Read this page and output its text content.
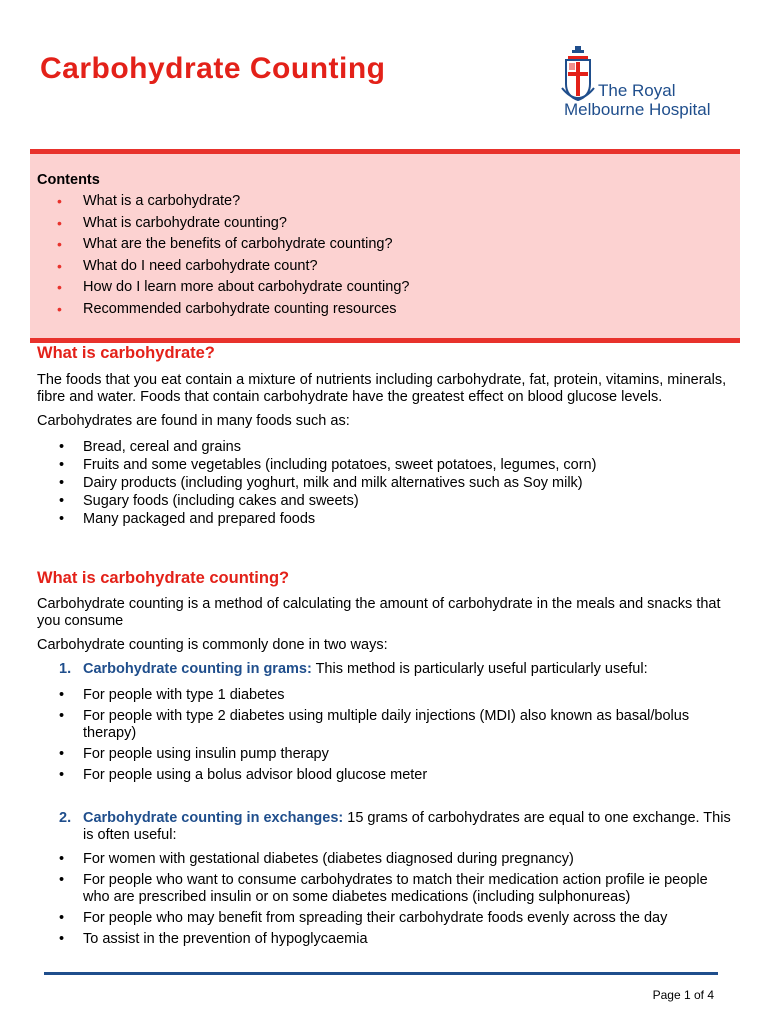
Carbohydrate Counting
The Royal
Melbourne Hospital
Contents
• What is a carbohydrate?
• What is carbohydrate counting?
• What are the benefits of carbohydrate counting?
• What do I need carbohydrate count?
• How do I learn more about carbohydrate counting?
• Recommended carbohydrate counting resources
What is carbohydrate?

The foods that you eat contain a mixture of nutrients including carbohydrate, fat, protein, vitamins, minerals, fibre and water. Foods that contain carbohydrate have the greatest effect on blood glucose levels.

Carbohydrates are found in many foods such as:

• Bread, cereal and grains
• Fruits and some vegetables (including potatoes, sweet potatoes, legumes, corn)
• Dairy products (including yoghurt, milk and milk alternatives such as Soy milk)
• Sugary foods (including cakes and sweets)
• Many packaged and prepared foods
What is carbohydrate counting?

Carbohydrate counting is a method of calculating the amount of carbohydrate in the meals and snacks that you consume

Carbohydrate counting is commonly done in two ways:

1. Carbohydrate counting in grams: This method is particularly useful particularly useful:
• For people with type 1 diabetes
• For people with type 2 diabetes using multiple daily injections (MDI) also known as basal/bolus therapy)
• For people using insulin pump therapy
• For people using a bolus advisor blood glucose meter
2. Carbohydrate counting in exchanges: 15 grams of carbohydrates are equal to one exchange. This is often useful:
• For women with gestational diabetes (diabetes diagnosed during pregnancy)
• For people who want to consume carbohydrates to match their medication action profile ie people who are prescribed insulin or on some diabetes medications (including sulphonureas)
• For people who may benefit from spreading their carbohydrate foods evenly across the day
• To assist in the prevention of hypoglycaemia
Page 1 of 4
